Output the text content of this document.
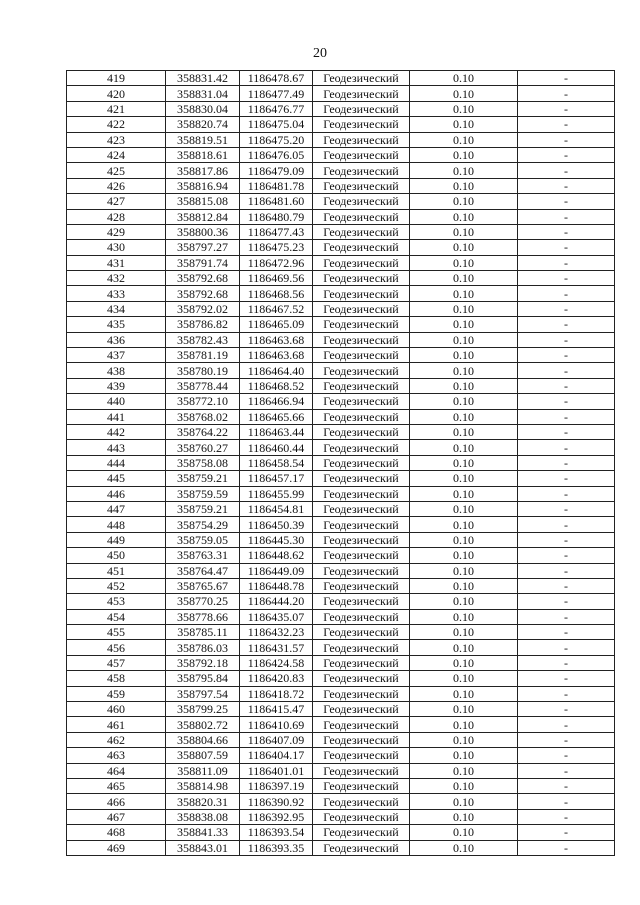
20
419	358831.42	1186478.67	Геодезический	0.10	-
420	358831.04	1186477.49	Геодезический	0.10	-
421	358830.04	1186476.77	Геодезический	0.10	-
422	358820.74	1186475.04	Геодезический	0.10	-
423	358819.51	1186475.20	Геодезический	0.10	-
424	358818.61	1186476.05	Геодезический	0.10	-
425	358817.86	1186479.09	Геодезический	0.10	-
426	358816.94	1186481.78	Геодезический	0.10	-
427	358815.08	1186481.60	Геодезический	0.10	-
428	358812.84	1186480.79	Геодезический	0.10	-
429	358800.36	1186477.43	Геодезический	0.10	-
430	358797.27	1186475.23	Геодезический	0.10	-
431	358791.74	1186472.96	Геодезический	0.10	-
432	358792.68	1186469.56	Геодезический	0.10	-
433	358792.68	1186468.56	Геодезический	0.10	-
434	358792.02	1186467.52	Геодезический	0.10	-
435	358786.82	1186465.09	Геодезический	0.10	-
436	358782.43	1186463.68	Геодезический	0.10	-
437	358781.19	1186463.68	Геодезический	0.10	-
438	358780.19	1186464.40	Геодезический	0.10	-
439	358778.44	1186468.52	Геодезический	0.10	-
440	358772.10	1186466.94	Геодезический	0.10	-
441	358768.02	1186465.66	Геодезический	0.10	-
442	358764.22	1186463.44	Геодезический	0.10	-
443	358760.27	1186460.44	Геодезический	0.10	-
444	358758.08	1186458.54	Геодезический	0.10	-
445	358759.21	1186457.17	Геодезический	0.10	-
446	358759.59	1186455.99	Геодезический	0.10	-
447	358759.21	1186454.81	Геодезический	0.10	-
448	358754.29	1186450.39	Геодезический	0.10	-
449	358759.05	1186445.30	Геодезический	0.10	-
450	358763.31	1186448.62	Геодезический	0.10	-
451	358764.47	1186449.09	Геодезический	0.10	-
452	358765.67	1186448.78	Геодезический	0.10	-
453	358770.25	1186444.20	Геодезический	0.10	-
454	358778.66	1186435.07	Геодезический	0.10	-
455	358785.11	1186432.23	Геодезический	0.10	-
456	358786.03	1186431.57	Геодезический	0.10	-
457	358792.18	1186424.58	Геодезический	0.10	-
458	358795.84	1186420.83	Геодезический	0.10	-
459	358797.54	1186418.72	Геодезический	0.10	-
460	358799.25	1186415.47	Геодезический	0.10	-
461	358802.72	1186410.69	Геодезический	0.10	-
462	358804.66	1186407.09	Геодезический	0.10	-
463	358807.59	1186404.17	Геодезический	0.10	-
464	358811.09	1186401.01	Геодезический	0.10	-
465	358814.98	1186397.19	Геодезический	0.10	-
466	358820.31	1186390.92	Геодезический	0.10	-
467	358838.08	1186392.95	Геодезический	0.10	-
468	358841.33	1186393.54	Геодезический	0.10	-
469	358843.01	1186393.35	Геодезический	0.10	-
